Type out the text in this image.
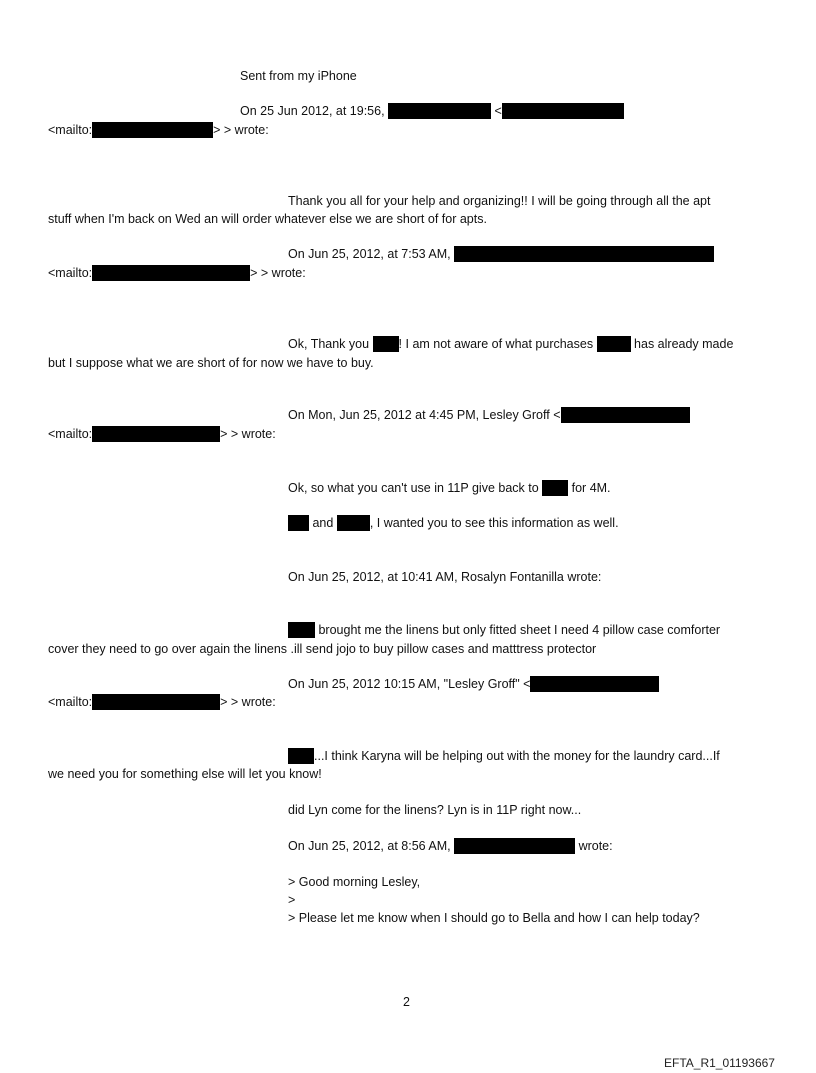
Sent from my iPhone
On 25 Jun 2012, at 19:56,	<
<mailto:	> > wrote:
Thank you all for your help and organizing!! I will be going through all the apt
stuff when I'm back on Wed an will order whatever else we are short of for apts.
On Jun 25, 2012, at 7:53 AM,
<mailto:	> > wrote:
Ok, Thank you ! I am not aware of what purchases	has already made
but I suppose what we are short of for now we have to buy.
On Mon, Jun 25, 2012 at 4:45 PM, Lesley Groff <
<mailto:	> > wrote:
Ok, so what you can't use in 11P give back to  for 4M.
and	, I wanted you to see this information as well.
On Jun 25, 2012, at 10:41 AM, Rosalyn Fontanilla wrote:
brought me the linens but only fitted sheet I need 4 pillow case comforter
cover they need to go over again the linens .ill send jojo to buy pillow cases and matttress protector
On Jun 25, 2012 10:15 AM, "Lesley Groff" <
<mailto:	> > wrote:
...I think Karyna will be helping out with the money for the laundry card...If
we need you for something else will let you know!
did Lyn come for the linens? Lyn is in 11P right now...
On Jun 25, 2012, at 8:56 AM,	wrote:
> Good morning Lesley,
>
> Please let me know when I should go to Bella and how I can help today?
2
EFTA_R1_01193667
